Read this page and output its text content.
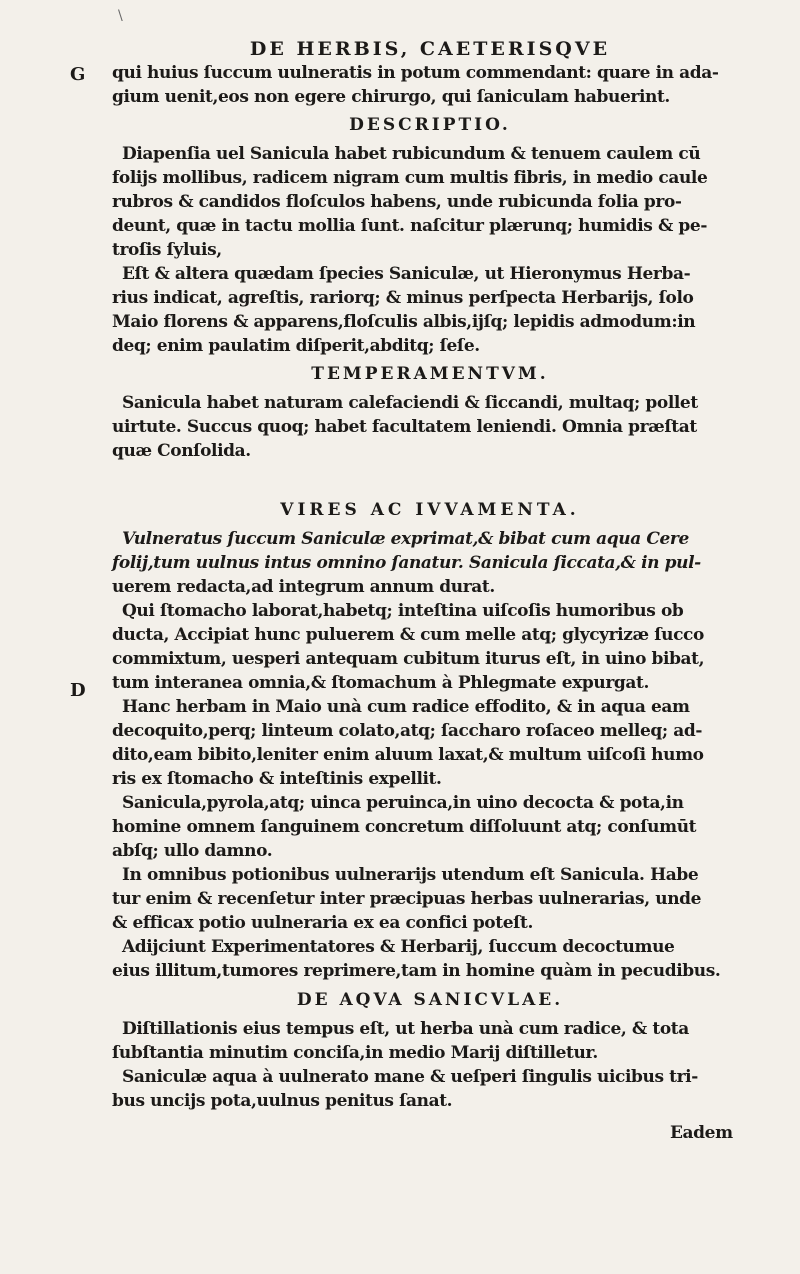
\
DE HERBIS, CAETERISQVE
G
D
qui huius ſuccum uulneratis in potum commendant: quare in ada-
gium uenit,eos non egere chirurgo, qui ſaniculam habuerint.
DESCRIPTIO.
Diapenſia uel Sanicula habet rubicundum & tenuem caulem cū
folijs mollibus, radicem nigram cum multis fibris, in medio caule
rubros & candidos floſculos habens, unde rubicunda folia pro-
deunt, quæ in tactu mollia ſunt. naſcitur plærunq; humidis & pe-
troſis ſyluis,
Eſt & altera quædam ſpecies Saniculæ, ut Hieronymus Herba-
rius indicat, agreſtis, rariorq; & minus perſpecta Herbarijs, ſolo
Maio florens & apparens,floſculis albis,ijſq; lepidis admodum:in
deq; enim paulatim diſperit,abditq; ſeſe.
TEMPERAMENTVM.
Sanicula habet naturam calefaciendi & ſiccandi, multaq; pollet
uirtute. Succus quoq; habet facultatem leniendi. Omnia præſtat
quæ Conſolida.
VIRES AC IVVAMENTA.
Vulneratus ſuccum Saniculæ exprimat,& bibat cum aqua Cere
folij,tum uulnus intus omnino ſanatur. Sanicula ſiccata,& in pul-
uerem redacta,ad integrum annum durat.
Qui ſtomacho laborat,habetq; inteſtina uiſcoſis humoribus ob
ducta, Accipiat hunc puluerem & cum melle atq; glycyrizæ ſucco
commixtum, uesperi antequam cubitum iturus eſt, in uino bibat,
tum interanea omnia,& ſtomachum à Phlegmate expurgat.
Hanc herbam in Maio unà cum radice effodito, & in aqua eam
decoquito,perq; linteum colato,atq; ſaccharo roſaceo melleq; ad-
dito,eam bibito,leniter enim aluum laxat,& multum uiſcoſi humo
ris ex ſtomacho & inteſtinis expellit.
Sanicula,pyrola,atq; uinca peruinca,in uino decocta & pota,in
homine omnem ſanguinem concretum diſſoluunt atq; conſumūt
abſq; ullo damno.
In omnibus potionibus uulnerarijs utendum eſt Sanicula. Habe
tur enim & recenſetur inter præcipuas herbas uulnerarias, unde
& efficax potio uulneraria ex ea confici poteſt.
Adijciunt Experimentatores & Herbarij, ſuccum decoctumue
eius illitum,tumores reprimere,tam in homine quàm in pecudibus.
DE AQVA SANICVLAE.
Diſtillationis eius tempus eſt, ut herba unà cum radice, & tota
ſubſtantia minutim conciſa,in medio Marij diſtilletur.
Saniculæ aqua à uulnerato mane & ueſperi ſingulis uicibus tri-
bus uncijs pota,uulnus penitus ſanat.
Eadem
